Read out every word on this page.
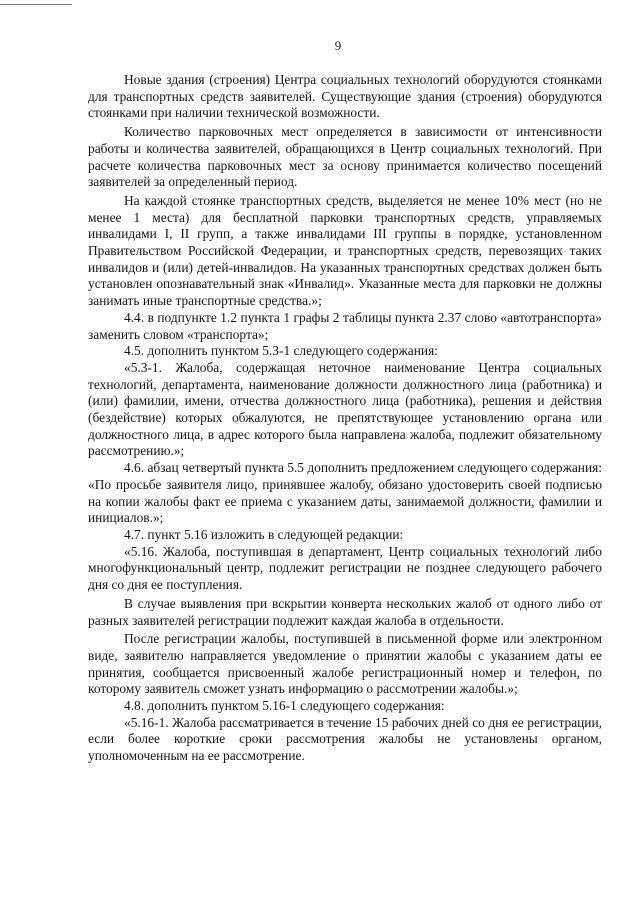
9

Новые здания (строения) Центра социальных технологий оборудуются стоянками для транспортных средств заявителей. Существующие здания (строения) оборудуются стоянками при наличии технической возможности.

Количество парковочных мест определяется в зависимости от интенсивности работы и количества заявителей, обращающихся в Центр социальных технологий. При расчете количества парковочных мест за основу принимается количество посещений заявителей за определенный период.

На каждой стоянке транспортных средств, выделяется не менее 10% мест (но не менее 1 места) для бесплатной парковки транспортных средств, управляемых инвалидами I, II групп, а также инвалидами III группы в порядке, установленном Правительством Российской Федерации, и транспортных средств, перевозящих таких инвалидов и (или) детей-инвалидов. На указанных транспортных средствах должен быть установлен опознавательный знак «Инвалид». Указанные места для парковки не должны занимать иные транспортные средства.»;

4.4. в подпункте 1.2 пункта 1 графы 2 таблицы пункта 2.37 слово «автотранспорта» заменить словом «транспорта»;

4.5. дополнить пунктом 5.3-1 следующего содержания:

«5.3-1. Жалоба, содержащая неточное наименование Центра социальных технологий, департамента, наименование должности должностного лица (работника) и (или) фамилии, имени, отчества должностного лица (работника), решения и действия (бездействие) которых обжалуются, не препятствующее установлению органа или должностного лица, в адрес которого была направлена жалоба, подлежит обязательному рассмотрению.»;

4.6. абзац четвертый пункта 5.5 дополнить предложением следующего содержания: «По просьбе заявителя лицо, принявшее жалобу, обязано удостоверить своей подписью на копии жалобы факт ее приема с указанием даты, занимаемой должности, фамилии и инициалов.»;

4.7. пункт 5.16 изложить в следующей редакции:

«5.16. Жалоба, поступившая в департамент, Центр социальных технологий либо многофункциональный центр, подлежит регистрации не позднее следующего рабочего дня со дня ее поступления.

В случае выявления при вскрытии конверта нескольких жалоб от одного либо от разных заявителей регистрации подлежит каждая жалоба в отдельности.

После регистрации жалобы, поступившей в письменной форме или электронном виде, заявителю направляется уведомление о принятии жалобы с указанием даты ее принятия, сообщается присвоенный жалобе регистрационный номер и телефон, по которому заявитель сможет узнать информацию о рассмотрении жалобы.»;

4.8. дополнить пунктом 5.16-1 следующего содержания:

«5.16-1. Жалоба рассматривается в течение 15 рабочих дней со дня ее регистрации, если более короткие сроки рассмотрения жалобы не установлены органом, уполномоченным на ее рассмотрение.
